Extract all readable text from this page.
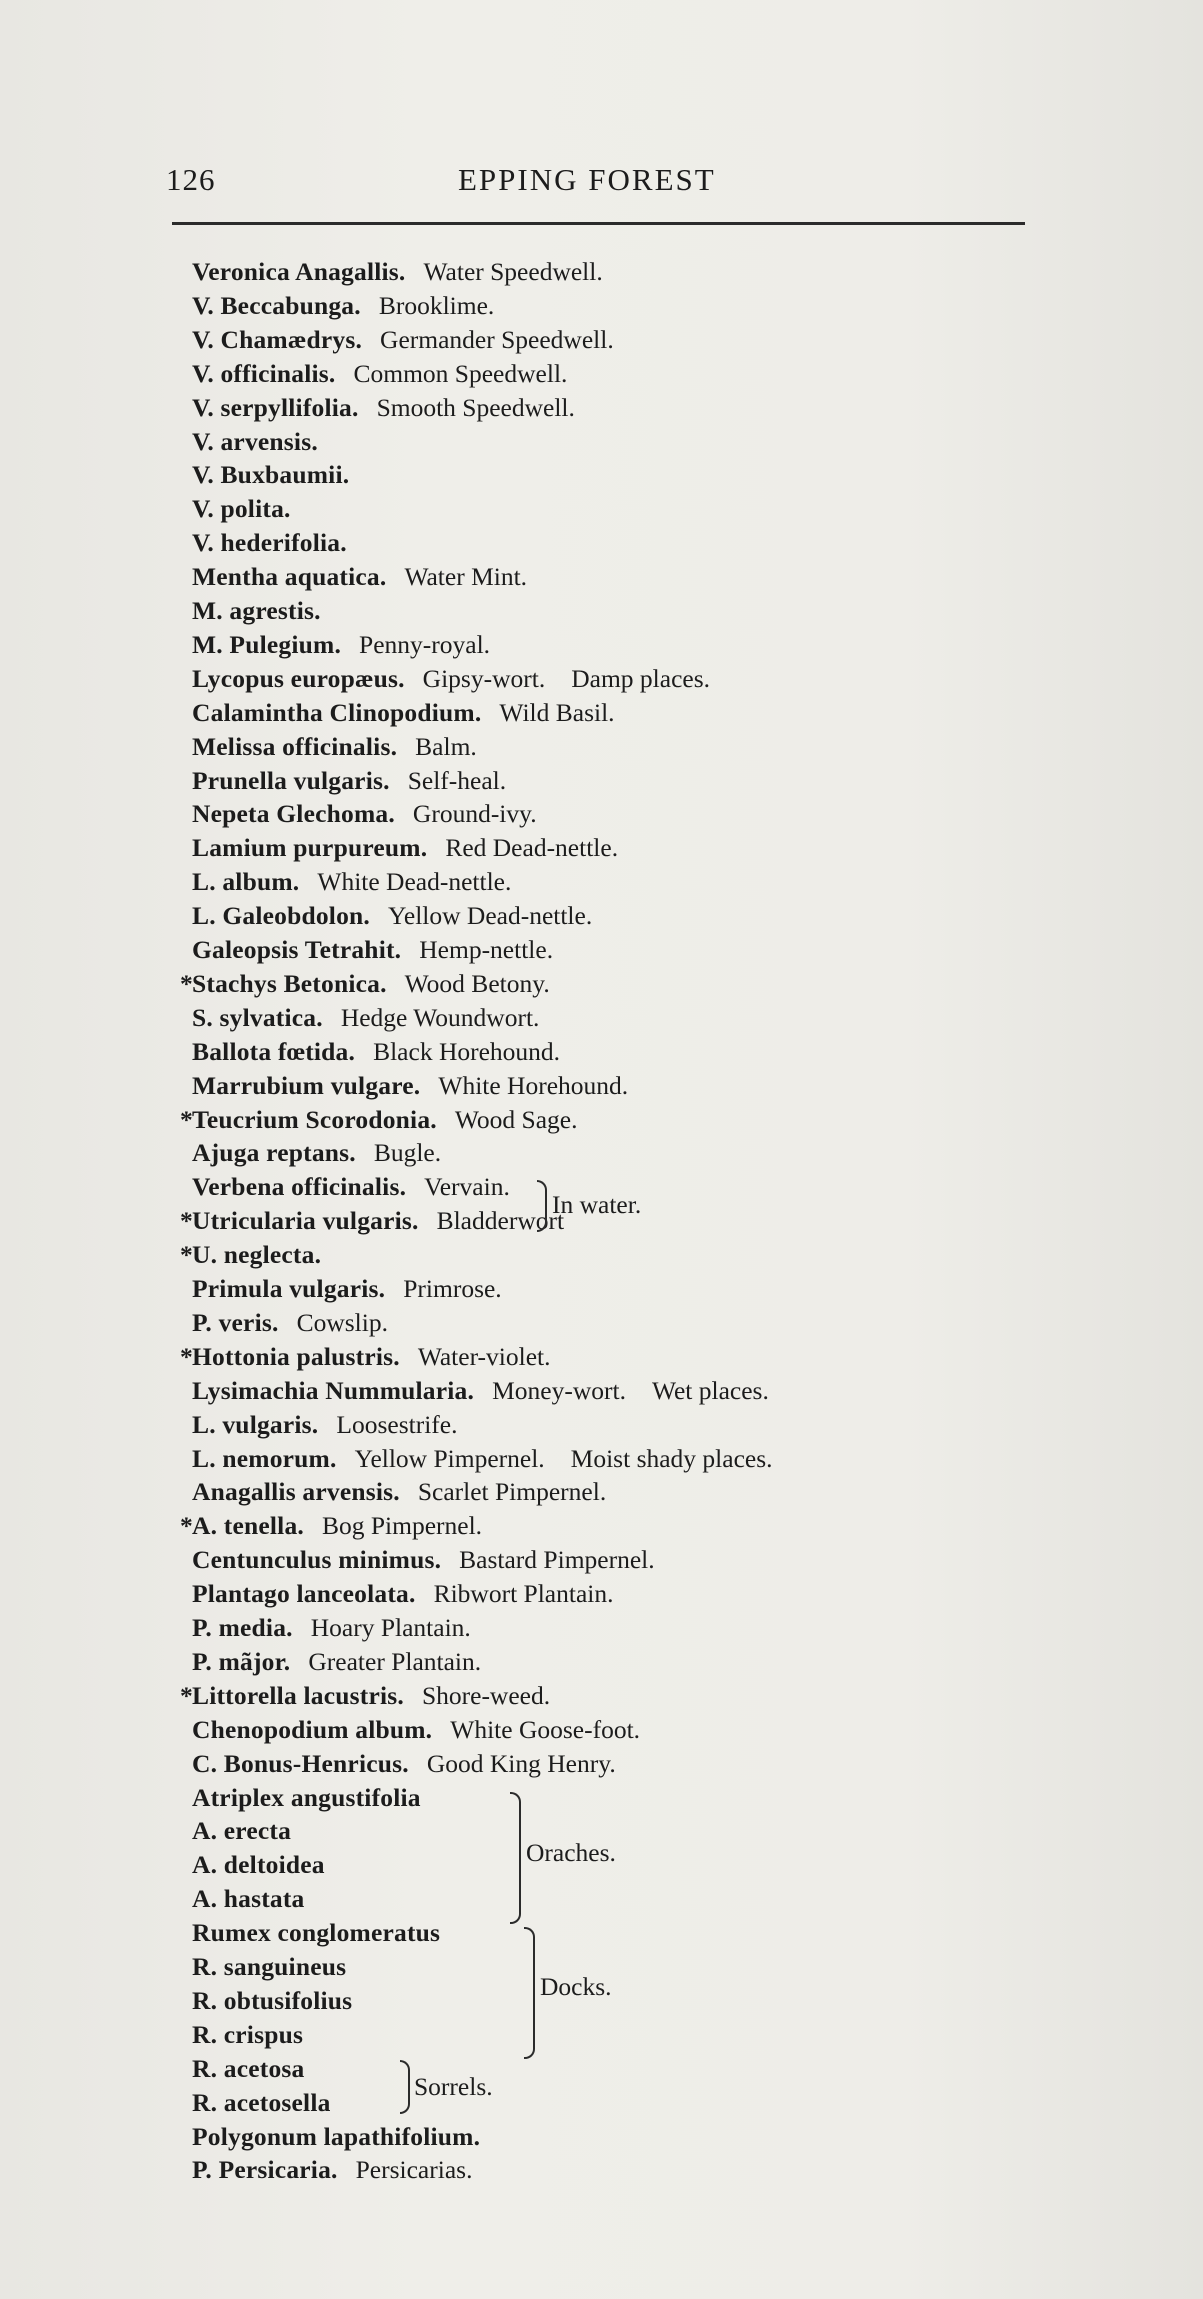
126	EPPING FOREST
Veronica Anagallis. Water Speedwell.
V. Beccabunga. Brooklime.
V. Chamædrys. Germander Speedwell.
V. officinalis. Common Speedwell.
V. serpyllifolia. Smooth Speedwell.
V. arvensis.
V. Buxbaumii.
V. polita.
V. hederifolia.
Mentha aquatica. Water Mint.
M. agrestis.
M. Pulegium. Penny-royal.
Lycopus europæus. Gipsy-wort. Damp places.
Calamintha Clinopodium. Wild Basil.
Melissa officinalis. Balm.
Prunella vulgaris. Self-heal.
Nepeta Glechoma. Ground-ivy.
Lamium purpureum. Red Dead-nettle.
L. album. White Dead-nettle.
L. Galeobdolon. Yellow Dead-nettle.
Galeopsis Tetrahit. Hemp-nettle.
*Stachys Betonica. Wood Betony.
S. sylvatica. Hedge Woundwort.
Ballota fœtida. Black Horehound.
Marrubium vulgare. White Horehound.
*Teucrium Scorodonia. Wood Sage.
Ajuga reptans. Bugle.
Verbena officinalis. Vervain.
*Utricularia vulgaris. Bladderwort
*U. neglecta.
Primula vulgaris. Primrose.
P. veris. Cowslip.
*Hottonia palustris. Water-violet.
Lysimachia Nummularia. Money-wort. Wet places.
L. vulgaris. Loosestrife.
L. nemorum. Yellow Pimpernel. Moist shady places.
Anagallis arvensis. Scarlet Pimpernel.
*A. tenella. Bog Pimpernel.
Centunculus minimus. Bastard Pimpernel.
Plantago lanceolata. Ribwort Plantain.
P. media. Hoary Plantain.
P. mãjor. Greater Plantain.
*Littorella lacustris. Shore-weed.
Chenopodium album. White Goose-foot.
C. Bonus-Henricus. Good King Henry.
Atriplex angustifolia
A. erecta
A. deltoidea
A. hastata
Rumex conglomeratus
R. sanguineus
R. obtusifolius
R. crispus
R. acetosa
R. acetosella
Polygonum lapathifolium.
P. Persicaria. Persicarias.
In water.
Oraches.
Docks.
Sorrels.
